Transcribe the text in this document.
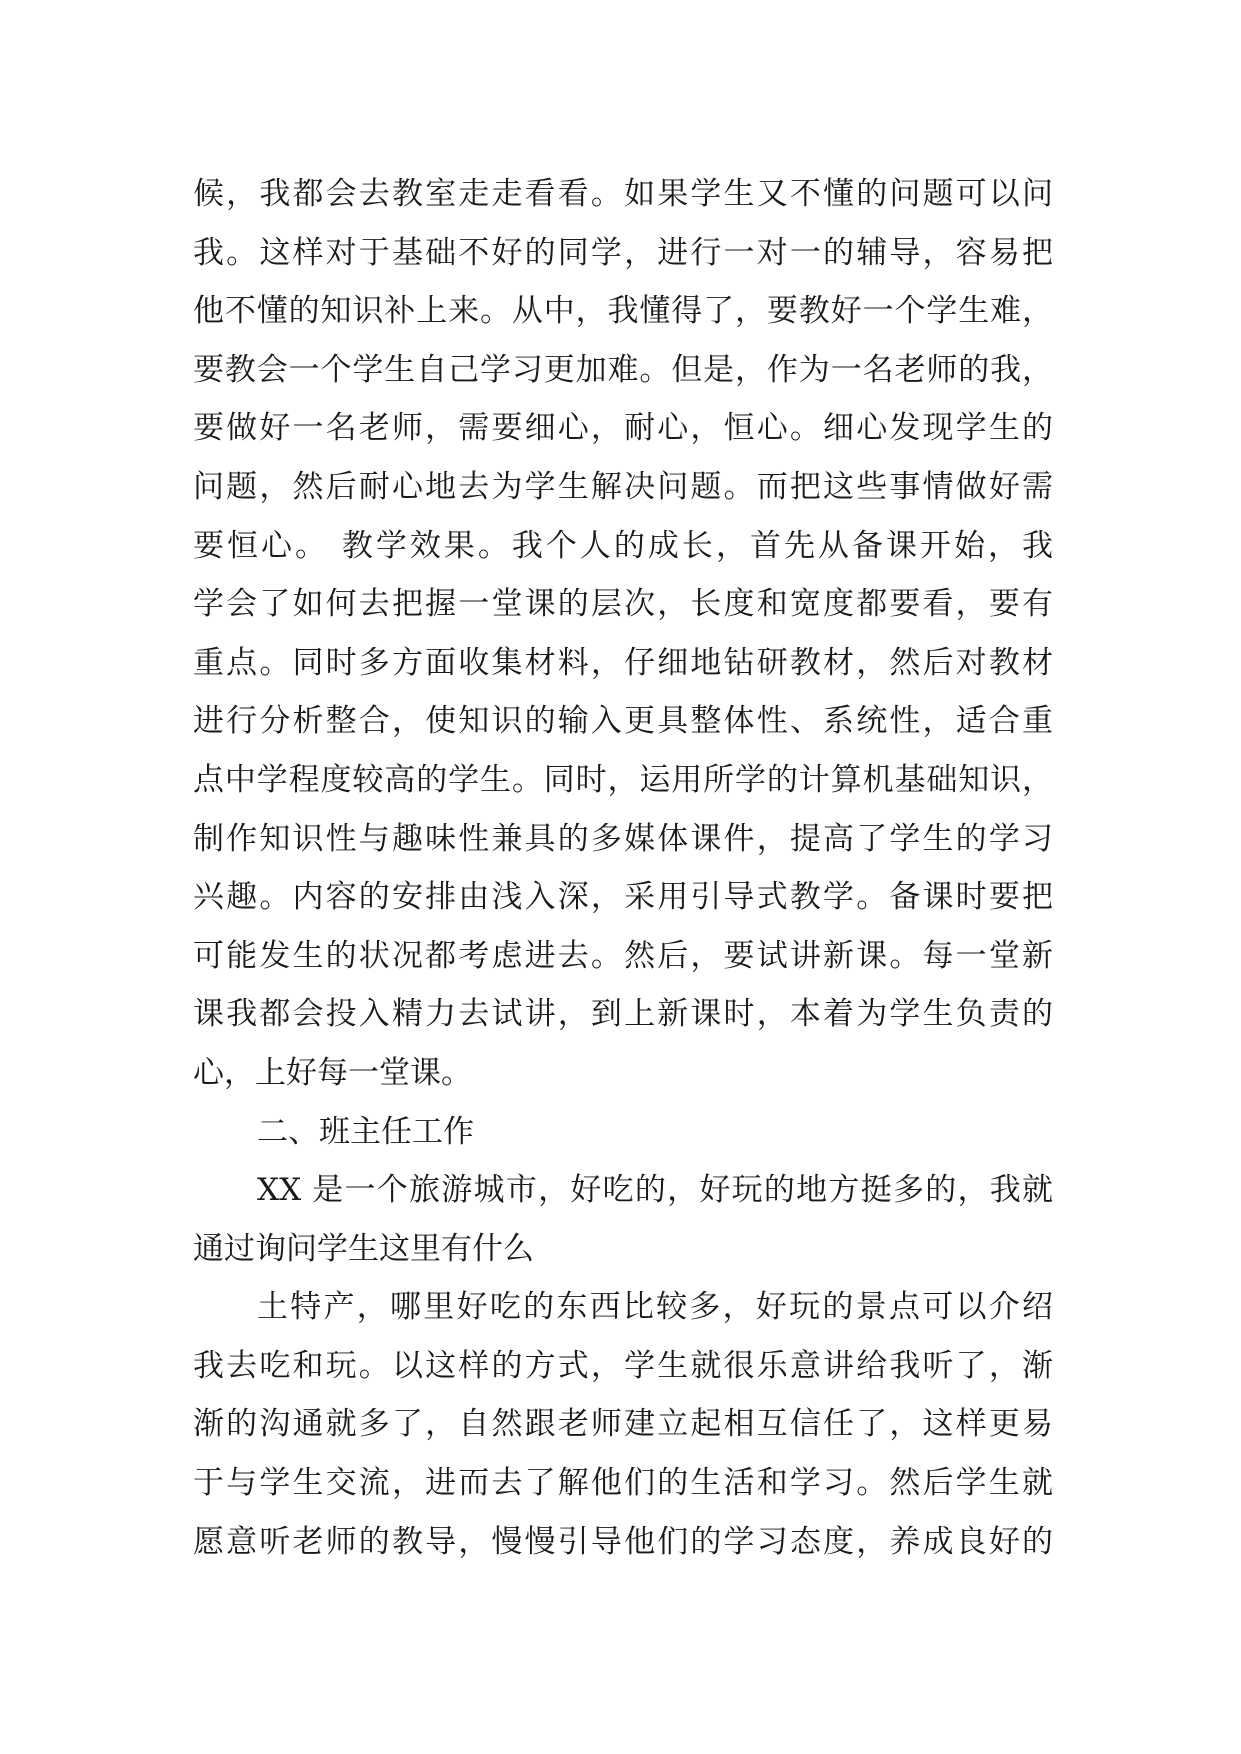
候，我都会去教室走走看看。如果学生又不懂的问题可以问
我。这样对于基础不好的同学，进行一对一的辅导，容易把
他不懂的知识补上来。从中，我懂得了，要教好一个学生难，
要教会一个学生自己学习更加难。但是，作为一名老师的我，
要做好一名老师，需要细心，耐心，恒心。细心发现学生的
问题，然后耐心地去为学生解决问题。而把这些事情做好需
要恒心。 教学效果。我个人的成长，首先从备课开始，我
学会了如何去把握一堂课的层次，长度和宽度都要看，要有
重点。同时多方面收集材料，仔细地钻研教材，然后对教材
进行分析整合，使知识的输入更具整体性、系统性，适合重
点中学程度较高的学生。同时，运用所学的计算机基础知识，
制作知识性与趣味性兼具的多媒体课件，提高了学生的学习
兴趣。内容的安排由浅入深，采用引导式教学。备课时要把
可能发生的状况都考虑进去。然后，要试讲新课。每一堂新
课我都会投入精力去试讲，到上新课时，本着为学生负责的
心，上好每一堂课。
二、班主任工作
XX 是一个旅游城市，好吃的，好玩的地方挺多的，我就
通过询问学生这里有什么
土特产，哪里好吃的东西比较多，好玩的景点可以介绍
我去吃和玩。以这样的方式，学生就很乐意讲给我听了，渐
渐的沟通就多了，自然跟老师建立起相互信任了，这样更易
于与学生交流，进而去了解他们的生活和学习。然后学生就
愿意听老师的教导，慢慢引导他们的学习态度，养成良好的
